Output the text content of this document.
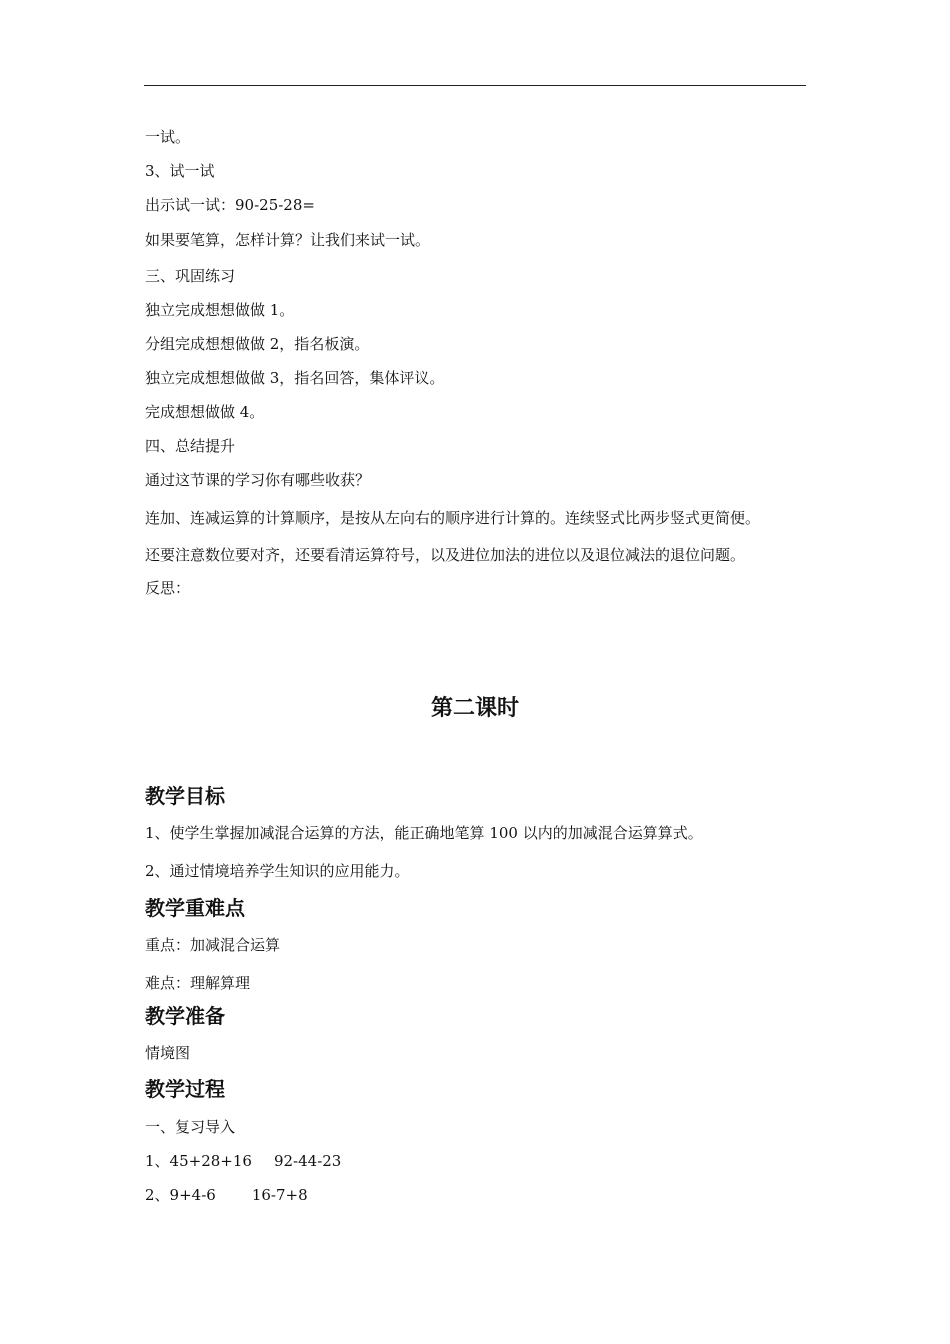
一试。
3、试一试
出示试一试：90-25-28=
如果要笔算，怎样计算？让我们来试一试。
三、巩固练习
独立完成想想做做 1。
分组完成想想做做 2，指名板演。
独立完成想想做做 3，指名回答，集体评议。
完成想想做做 4。
四、总结提升
通过这节课的学习你有哪些收获？
连加、连减运算的计算顺序，是按从左向右的顺序进行计算的。连续竖式比两步竖式更简便。
还要注意数位要对齐，还要看清运算符号，以及进位加法的进位以及退位减法的退位问题。
反思：
第二课时
教学目标
1、使学生掌握加减混合运算的方法，能正确地笔算 100 以内的加减混合运算算式。
2、通过情境培养学生知识的应用能力。
教学重难点
重点：加减混合运算
难点：理解算理
教学准备
情境图
教学过程
一、复习导入
1、45+28+16 92-44-23
2、9+4-6 16-7+8
